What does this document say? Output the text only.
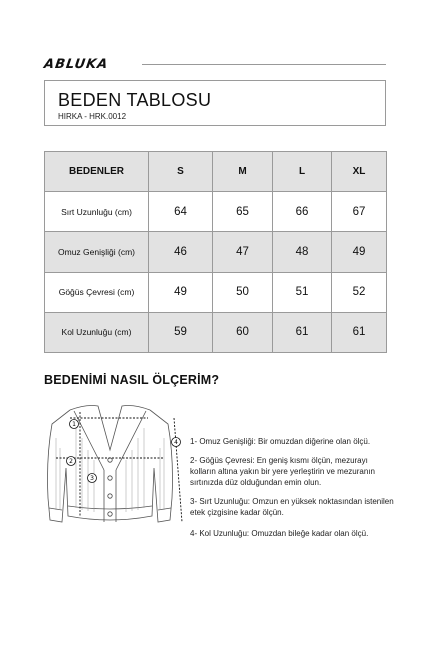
ABLUKA
BEDEN TABLOSU
HIRKA - HRK.0012
BEDENLER	S	M	L	XL
Sırt Uzunluğu (cm)	64	65	66	67
Omuz Genişliği (cm)	46	47	48	49
Göğüs Çevresi (cm)	49	50	51	52
Kol Uzunluğu (cm)	59	60	61	61
BEDENİMİ NASIL ÖLÇERİM?
1
2
3
4 1- Omuz Genişliği: Bir omuzdan diğerine olan ölçü.
2- Göğüs Çevresi: En geniş kısmı ölçün, mezurayı kolların altına yakın bir yere yerleştirin ve mezuranın sırtınızda düz olduğundan emin olun.
3- Sırt Uzunluğu: Omzun en yüksek noktasından istenilen etek çizgisine kadar ölçün.
4- Kol Uzunluğu: Omuzdan bileğe kadar olan ölçü.
